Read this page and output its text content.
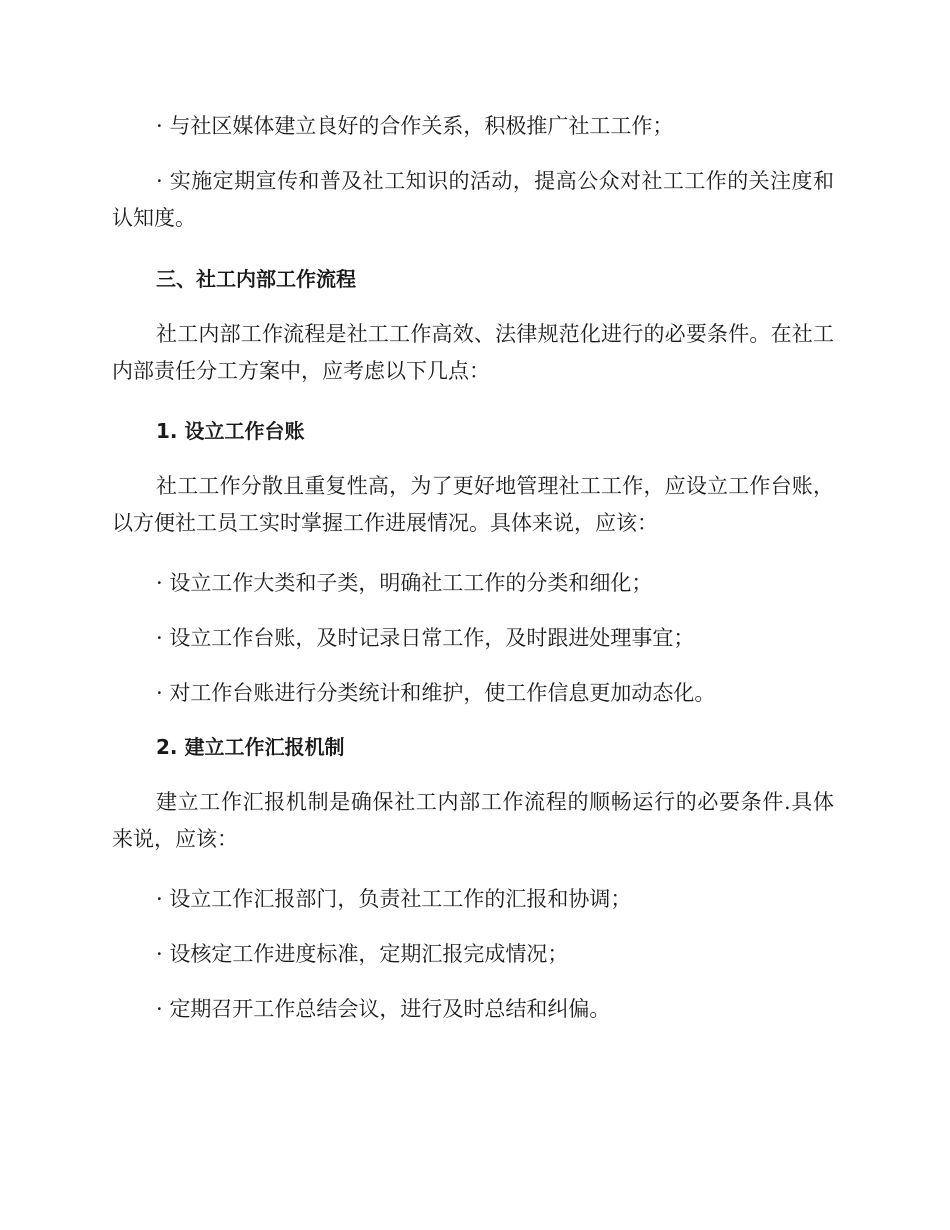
· 与社区媒体建立良好的合作关系，积极推广社工工作；
· 实施定期宣传和普及社工知识的活动，提高公众对社工工作的关注度和认知度。
三、社工内部工作流程
社工内部工作流程是社工工作高效、法律规范化进行的必要条件。在社工内部责任分工方案中，应考虑以下几点：
1. 设立工作台账
社工工作分散且重复性高，为了更好地管理社工工作，应设立工作台账，以方便社工员工实时掌握工作进展情况。具体来说，应该：
· 设立工作大类和子类，明确社工工作的分类和细化；
· 设立工作台账，及时记录日常工作，及时跟进处理事宜；
· 对工作台账进行分类统计和维护，使工作信息更加动态化。
2. 建立工作汇报机制
建立工作汇报机制是确保社工内部工作流程的顺畅运行的必要条件.具体来说，应该：
· 设立工作汇报部门，负责社工工作的汇报和协调；
· 设核定工作进度标准，定期汇报完成情况；
· 定期召开工作总结会议，进行及时总结和纠偏。
